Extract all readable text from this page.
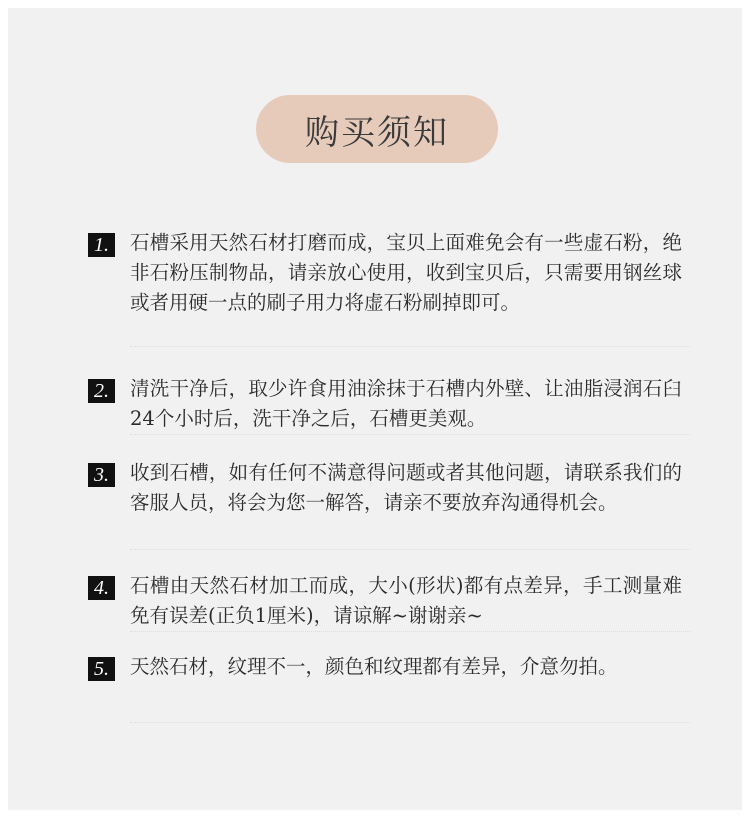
购买须知
1.	石槽采用天然石材打磨而成，宝贝上面难免会有一些虚石粉，绝非石粉压制物品，请亲放心使用，收到宝贝后，只需要用钢丝球或者用硬一点的刷子用力将虚石粉刷掉即可。
2.	清洗干净后，取少许食用油涂抹于石槽内外壁、让油脂浸润石臼24个小时后，洗干净之后，石槽更美观。
3.	收到石槽，如有任何不满意得问题或者其他问题，请联系我们的客服人员，将会为您一解答，请亲不要放弃沟通得机会。
4.	石槽由天然石材加工而成，大小(形状)都有点差异，手工测量难免有误差(正负1厘米)，请谅解~谢谢亲~
5.	天然石材，纹理不一，颜色和纹理都有差异，介意勿拍。
